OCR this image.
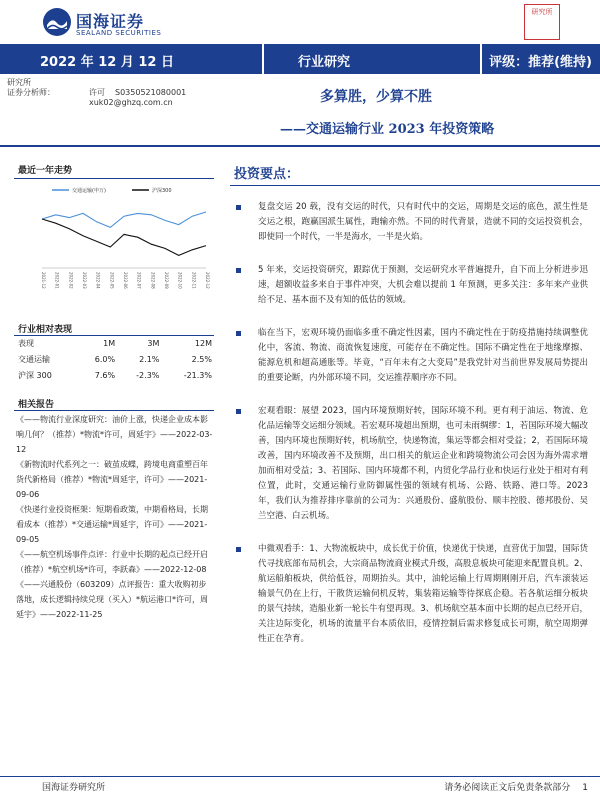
国海证券
SEALAND SECURITIES
研究所
2022 年 12 月 12 日	行业研究	评级：推荐(维持)
研究所
证券分析师：	许可 S0350521080001
xuk02@ghzq.com.cn	多算胜，少算不胜
——交通运输行业 2023 年投资策略
最近一年走势
交通运输(申万)	沪深300
2021-12 2022-01 2022-02 2022-03 2022-04 2022-05 2022-06 2022-07 2022-08 2022-09 2022-10 2022-11 2022-12
行业相对表现
表现	1M	3M	12M
交通运输	6.0%	2.1%	2.5%
沪深 300	7.6%	-2.3%	-21.3%
相关报告
《——物流行业深度研究：油价上涨，快递企业成本影响几何？（推荐）*物流*许可，周延宇》——2022-03-12
《新物流时代系列之一：破茧成蝶，跨境电商重塑百年货代新格局（推荐）*物流*周延宇，许可》——2021-09-06
《快递行业投资框架：短期看政策，中期看格局，长期看成本（推荐）*交通运输*周延宇，许可》——2021-09-05
《——航空机场事件点评：行业中长期的起点已经开启（推荐）*航空机场*许可，李跃森》——2022-12-08
《——兴通股份（603209）点评报告：重大收购初步落地，成长逻辑持续兑现（买入）*航运港口*许可，周延宇》——2022-11-25
投资要点：
复盘交运 20 载，没有交运的时代，只有时代中的交运，周期是交运的底色，派生性是交运之根，跑赢国派生属性，跑输亦然。不同的时代背景，造就不同的交运投资机会，即使同一个时代，一半是海水，一半是火焰。
5 年来，交运投资研究，跟踪优于预测，交运研究水平普遍提升，自下而上分析进步迅速，超额收益多来自于事件冲突，大机会难以提前 1 年预测，更多关注：多年来产业供给不足、基本面不及有知的低估的领域。
临在当下，宏观环境仍面临多重不确定性因素，国内不确定性在于防疫措施持续调整优化中，客流、物流、商流恢复速度，可能存在不确定性。国际不确定性在于地缘摩擦、能源危机和超高通胀等。毕竟，“百年未有之大变局”是我党针对当前世界发展局势提出的重要论断，内外部环境不同，交运推荐顺序亦不同。
宏观看眼：展望 2023，国内环境预期好转，国际环境不利。更有利于油运、物流、危化品运输等交运细分领域。若宏观环境超出预期，也可未雨绸缪：1，若国际环境大幅改善，国内环境也预期好转，机场航空，快递物流，集运等都会相对受益；2，若国际环境改善，国内环境改善不及预期，出口相关的航运企业和跨境物流公司会因为海外需求增加而相对受益；3、若国际、国内环境都不利，内贸化学品行业和快运行业处于相对有利位置，此时，交通运输行业防御属性强的领域有机场、公路、铁路、港口等。2023 年，我们认为推荐排序靠前的公司为：兴通股份、盛航股份、顺丰控股、德邦股份、吴兰空港、白云机场。
中微观看手：1、大物流板块中，成长优于价值，快递优于快递，直营优于加盟，国际货代寻找底部布局机会，大宗商品物流商业模式升级，高股息板块可能迎来配置良机。2、航运船舶板块，供给低谷，周期抬头。其中，油轮运输上行周期刚刚开启，汽车滚装运输景气仍在上行，干散货运输伺机反转，集装箱运输等待探底企稳。若各航运细分板块的景气持续，造船业新一轮长牛有望再现。3、机场航空基本面中长期的起点已经开启，关注边际变化，机场的流量平台本质依旧，疫情控制后需求修复成长可期，航空周期弹性正在孕育。
国海证券研究所	请务必阅读正文后免责条款部分 1
